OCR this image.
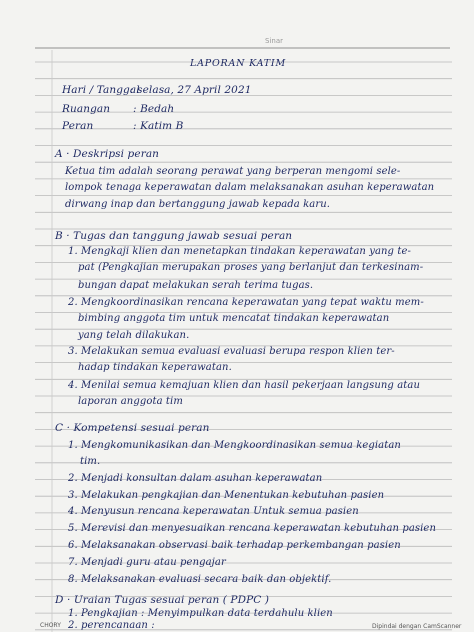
Sinar
LAPORAN KATIM
Hari / Tanggal
: selasa, 27 April 2021
Ruangan : Bedah
Peran	: Katim B
A · Deskripsi peran
Ketua tim adalah seorang perawat yang berperan mengomi sele-
lompok tenaga keperawatan dalam melaksanakan asuhan keperawatan
dirwang inap dan bertanggung jawab kepada karu.
B · Tugas dan tanggung jawab sesuai peran
1. Mengkaji klien dan menetapkan tindakan keperawatan yang te-
pat (Pengkajian merupakan proses yang berlanjut dan terkesinam-
bungan dapat melakukan serah terima tugas.
2. Mengkoordinasikan rencana keperawatan yang tepat waktu mem-
bimbing anggota tim untuk mencatat tindakan keperawatan
yang telah dilakukan.
3. Melakukan semua evaluasi evaluasi berupa respon klien ter-
hadap tindakan keperawatan.
4. Menilai semua kemajuan klien dan hasil pekerjaan langsung atau
laporan anggota tim
C · Kompetensi sesuai peran
1. Mengkomunikasikan dan Mengkoordinasikan semua kegiatan
tim.
2. Menjadi konsultan dalam asuhan keperawatan
3. Melakukan pengkajian dan Menentukan kebutuhan pasien
4. Menyusun rencana keperawatan Untuk semua pasien
5. Merevisi dan menyesuaikan rencana keperawatan kebutuhan pasien
6. Melaksanakan observasi baik terhadap perkembangan pasien
7. Menjadi guru atau pengajar
8. Melaksanakan evaluasi secara baik dan objektif.
D · Uraian Tugas sesuai peran ( PDPC )
1. Pengkajian : Menyimpulkan data terdahulu klien
2. perencanaan :
CHORY	Dipindai dengan CamScanner
